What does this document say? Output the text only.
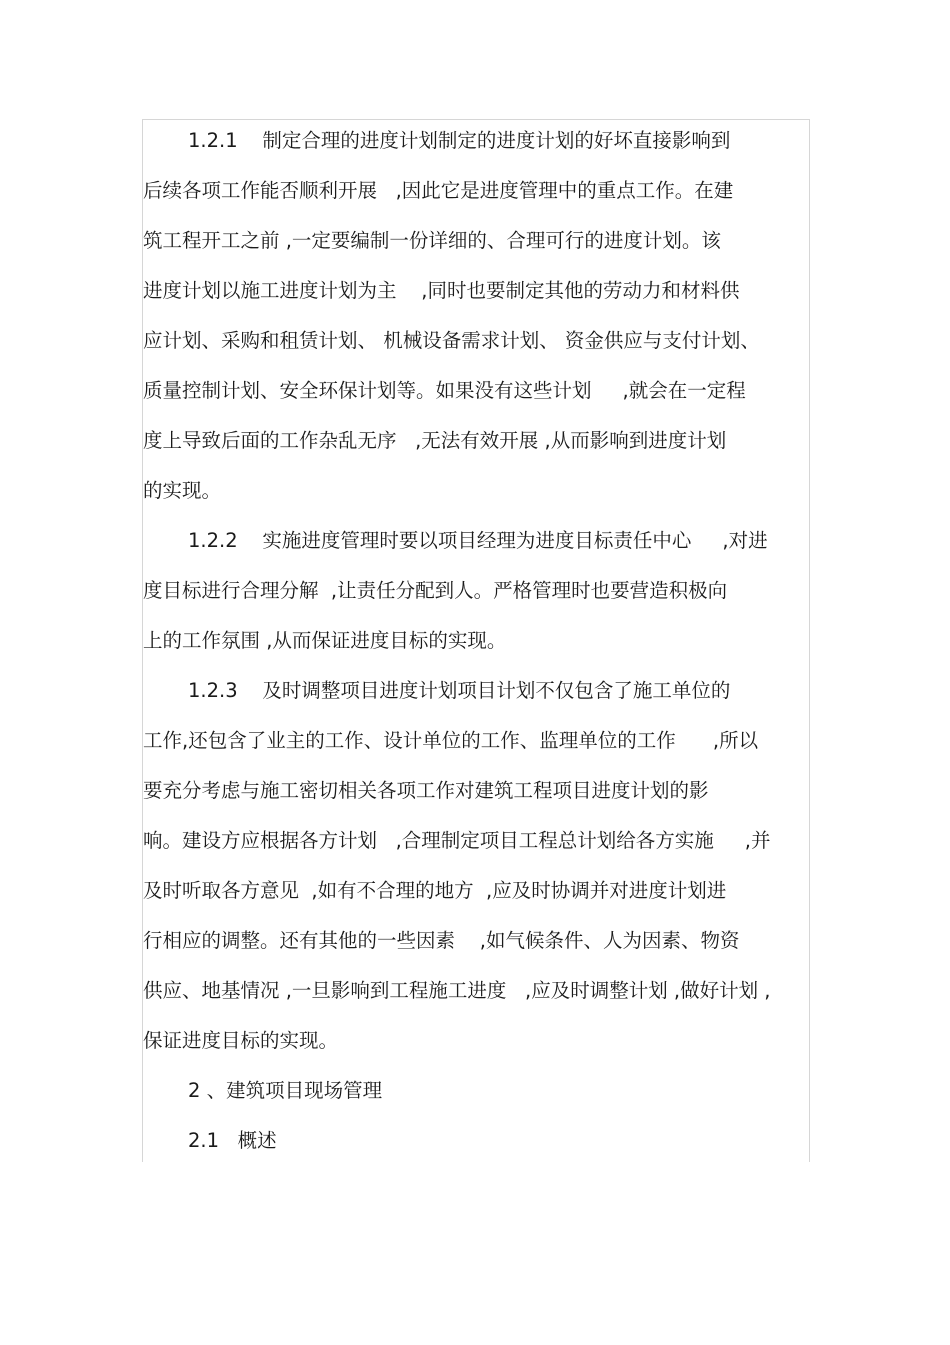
1.2.1    制定合理的进度计划制定的进度计划的好坏直接影响到
后续各项工作能否顺利开展   ,因此它是进度管理中的重点工作。在建
筑工程开工之前 ,一定要编制一份详细的、合理可行的进度计划。该
进度计划以施工进度计划为主    ,同时也要制定其他的劳动力和材料供
应计划、采购和租赁计划、 机械设备需求计划、 资金供应与支付计划、
质量控制计划、安全环保计划等。如果没有这些计划     ,就会在一定程
度上导致后面的工作杂乱无序   ,无法有效开展 ,从而影响到进度计划
的实现。
1.2.2    实施进度管理时要以项目经理为进度目标责任中心     ,对进
度目标进行合理分解  ,让责任分配到人。严格管理时也要营造积极向
上的工作氛围 ,从而保证进度目标的实现。
1.2.3    及时调整项目进度计划项目计划不仅包含了施工单位的
工作,还包含了业主的工作、设计单位的工作、监理单位的工作      ,所以
要充分考虑与施工密切相关各项工作对建筑工程项目进度计划的影
响。建设方应根据各方计划   ,合理制定项目工程总计划给各方实施     ,并
及时听取各方意见  ,如有不合理的地方  ,应及时协调并对进度计划进
行相应的调整。还有其他的一些因素    ,如气候条件、人为因素、物资
供应、地基情况 ,一旦影响到工程施工进度   ,应及时调整计划 ,做好计划 ,
保证进度目标的实现。
2 、建筑项目现场管理
2.1   概述
